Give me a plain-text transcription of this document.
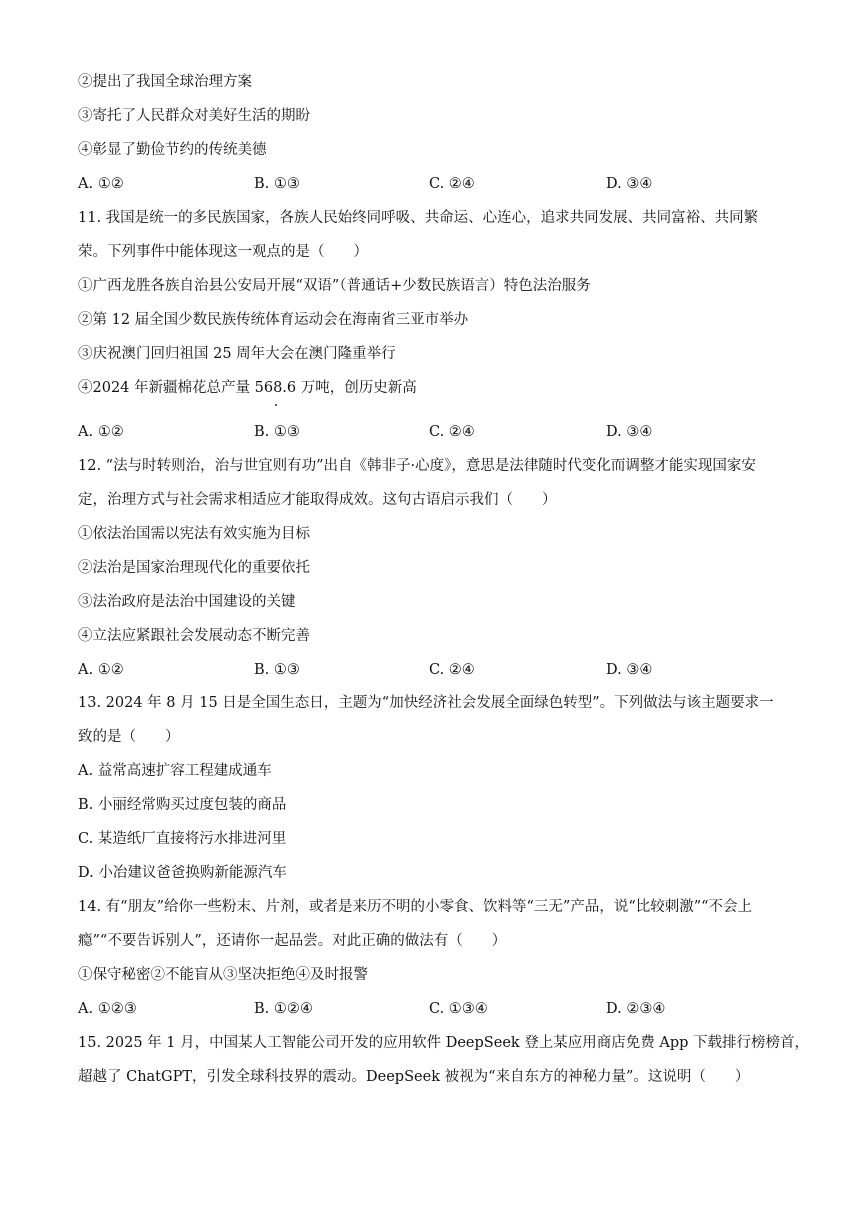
②提出了我国全球治理方案
③寄托了人民群众对美好生活的期盼
④彰显了勤俭节约的传统美德
A. ①②	B. ①③	C. ②④	D. ③④
11. 我国是统一的多民族国家，各族人民始终同呼吸、共命运、心连心，追求共同发展、共同富裕、共同繁
荣。下列事件中能体现这一观点的是（　　）
①广西龙胜各族自治县公安局开展“双语”（普通话+少数民族语言）特色法治服务
②第 12 届全国少数民族传统体育运动会在海南省三亚市举办
③庆祝澳门回归祖国 25 周年大会在澳门隆重举行
④2024 年新疆棉花总产量 568.6 万吨，创历史新高
A. ①②	B. ①③	C. ②④	D. ③④
12. “法与时转则治，治与世宜则有功”出自《韩非子·心度》，意思是法律随时代变化而调整才能实现国家安
定，治理方式与社会需求相适应才能取得成效。这句古语启示我们（　　）
①依法治国需以宪法有效实施为目标
②法治是国家治理现代化的重要依托
③法治政府是法治中国建设的关键
④立法应紧跟社会发展动态不断完善
A. ①②	B. ①③	C. ②④	D. ③④
13. 2024 年 8 月 15 日是全国生态日，主题为“加快经济社会发展全面绿色转型”。下列做法与该主题要求一
致的是（　　）
A. 益常高速扩容工程建成通车
B. 小丽经常购买过度包装的商品
C. 某造纸厂直接将污水排进河里
D. 小冶建议爸爸换购新能源汽车
14. 有“朋友”给你一些粉末、片剂，或者是来历不明的小零食、饮料等“三无”产品，说“比较刺激”“不会上
瘾”“不要告诉别人”，还请你一起品尝。对此正确的做法有（　　）
①保守秘密②不能盲从③坚决拒绝④及时报警
A. ①②③	B. ①②④	C. ①③④	D. ②③④
15. 2025 年 1 月，中国某人工智能公司开发的应用软件 DeepSeek 登上某应用商店免费 App 下载排行榜榜首，
超越了 ChatGPT，引发全球科技界的震动。DeepSeek 被视为“来自东方的神秘力量”。这说明（　　）
